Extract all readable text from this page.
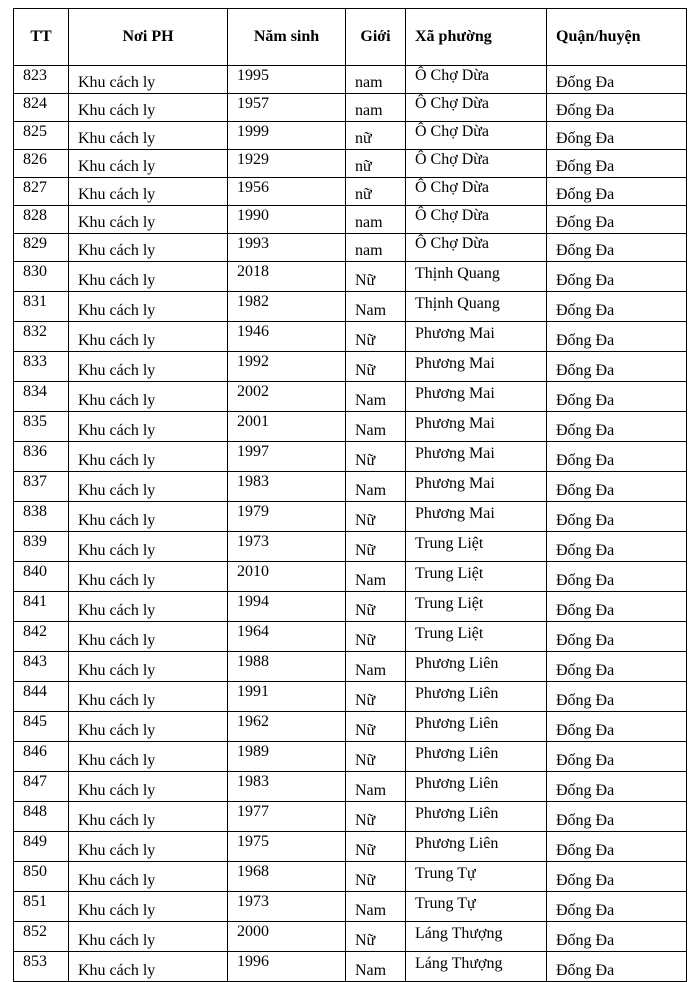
TT	Nơi PH	Năm sinh	Giới	Xã phường	Quận/huyện
823	Khu cách ly	1995	nam	Ô Chợ Dừa	Đống Đa
824	Khu cách ly	1957	nam	Ô Chợ Dừa	Đống Đa
825	Khu cách ly	1999	nữ	Ô Chợ Dừa	Đống Đa
826	Khu cách ly	1929	nữ	Ô Chợ Dừa	Đống Đa
827	Khu cách ly	1956	nữ	Ô Chợ Dừa	Đống Đa
828	Khu cách ly	1990	nam	Ô Chợ Dừa	Đống Đa
829	Khu cách ly	1993	nam	Ô Chợ Dừa	Đống Đa
830	Khu cách ly	2018	Nữ	Thịnh Quang	Đống Đa
831	Khu cách ly	1982	Nam	Thịnh Quang	Đống Đa
832	Khu cách ly	1946	Nữ	Phương Mai	Đống Đa
833	Khu cách ly	1992	Nữ	Phương Mai	Đống Đa
834	Khu cách ly	2002	Nam	Phương Mai	Đống Đa
835	Khu cách ly	2001	Nam	Phương Mai	Đống Đa
836	Khu cách ly	1997	Nữ	Phương Mai	Đống Đa
837	Khu cách ly	1983	Nam	Phương Mai	Đống Đa
838	Khu cách ly	1979	Nữ	Phương Mai	Đống Đa
839	Khu cách ly	1973	Nữ	Trung Liệt	Đống Đa
840	Khu cách ly	2010	Nam	Trung Liệt	Đống Đa
841	Khu cách ly	1994	Nữ	Trung Liệt	Đống Đa
842	Khu cách ly	1964	Nữ	Trung Liệt	Đống Đa
843	Khu cách ly	1988	Nam	Phương Liên	Đống Đa
844	Khu cách ly	1991	Nữ	Phương Liên	Đống Đa
845	Khu cách ly	1962	Nữ	Phương Liên	Đống Đa
846	Khu cách ly	1989	Nữ	Phương Liên	Đống Đa
847	Khu cách ly	1983	Nam	Phương Liên	Đống Đa
848	Khu cách ly	1977	Nữ	Phương Liên	Đống Đa
849	Khu cách ly	1975	Nữ	Phương Liên	Đống Đa
850	Khu cách ly	1968	Nữ	Trung Tự	Đống Đa
851	Khu cách ly	1973	Nam	Trung Tự	Đống Đa
852	Khu cách ly	2000	Nữ	Láng Thượng	Đống Đa
853	Khu cách ly	1996	Nam	Láng Thượng	Đống Đa
